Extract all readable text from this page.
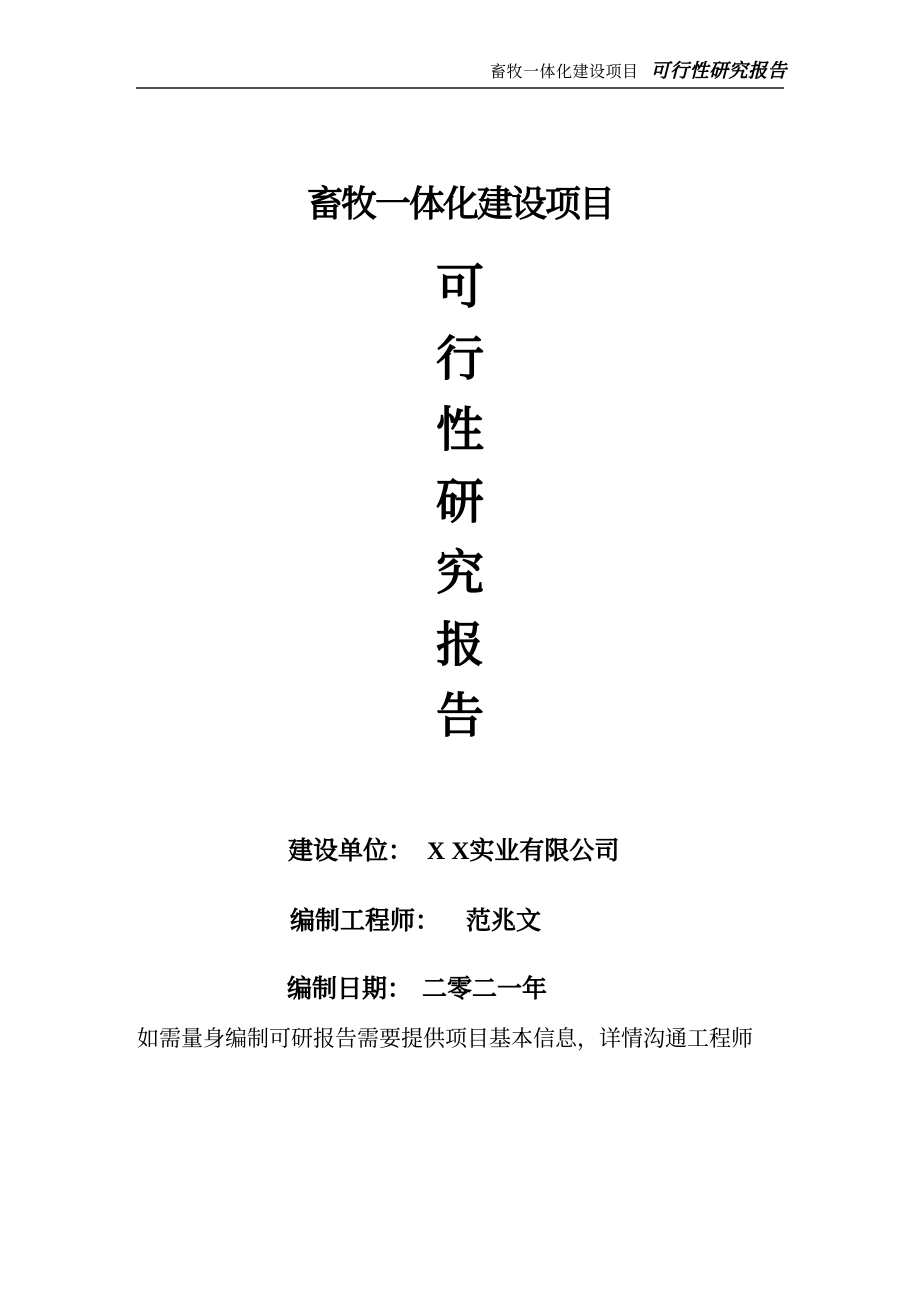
畜牧一体化建设项目 可行性研究报告
畜牧一体化建设项目
可
行
性
研
究
报
告
建设单位： X X实业有限公司
编制工程师： 范兆文
编制日期： 二零二一年
如需量身编制可研报告需要提供项目基本信息，详情沟通工程师
